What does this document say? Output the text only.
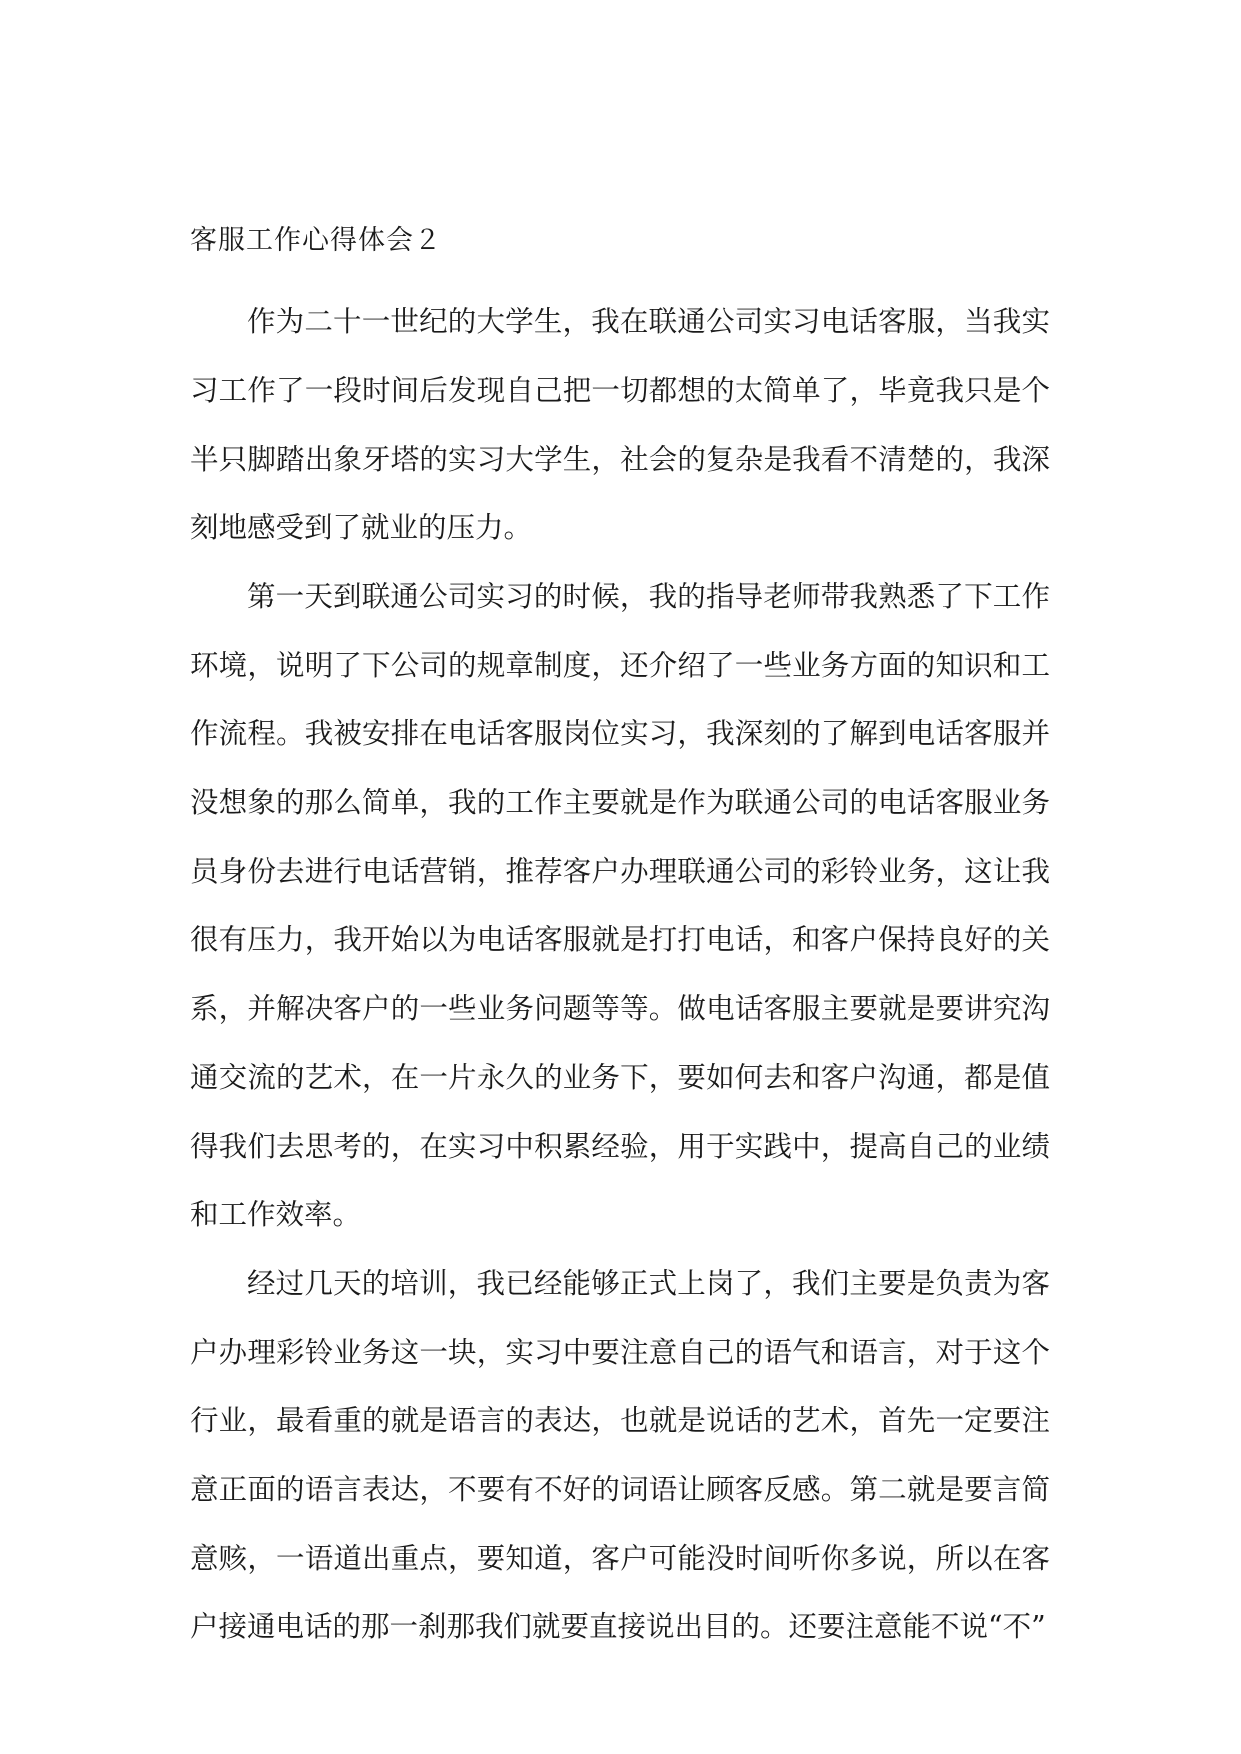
客服工作心得体会２

作为二十一世纪的大学生，我在联通公司实习电话客服，当我实习工作了一段时间后发现自己把一切都想的太简单了，毕竟我只是个半只脚踏出象牙塔的实习大学生，社会的复杂是我看不清楚的，我深刻地感受到了就业的压力。

第一天到联通公司实习的时候，我的指导老师带我熟悉了下工作环境，说明了下公司的规章制度，还介绍了一些业务方面的知识和工作流程。我被安排在电话客服岗位实习，我深刻的了解到电话客服并没想象的那么简单，我的工作主要就是作为联通公司的电话客服业务员身份去进行电话营销，推荐客户办理联通公司的彩铃业务，这让我很有压力，我开始以为电话客服就是打打电话，和客户保持良好的关系，并解决客户的一些业务问题等等。做电话客服主要就是要讲究沟通交流的艺术，在一片永久的业务下，要如何去和客户沟通，都是值得我们去思考的，在实习中积累经验，用于实践中，提高自己的业绩和工作效率。

经过几天的培训，我已经能够正式上岗了，我们主要是负责为客户办理彩铃业务这一块，实习中要注意自己的语气和语言，对于这个行业，最看重的就是语言的表达，也就是说话的艺术，首先一定要注意正面的语言表达，不要有不好的词语让顾客反感。第二就是要言简意赅，一语道出重点，要知道，客户可能没时间听你多说，所以在客户接通电话的那一刹那我们就要直接说出目的。还要注意能不说“不”
